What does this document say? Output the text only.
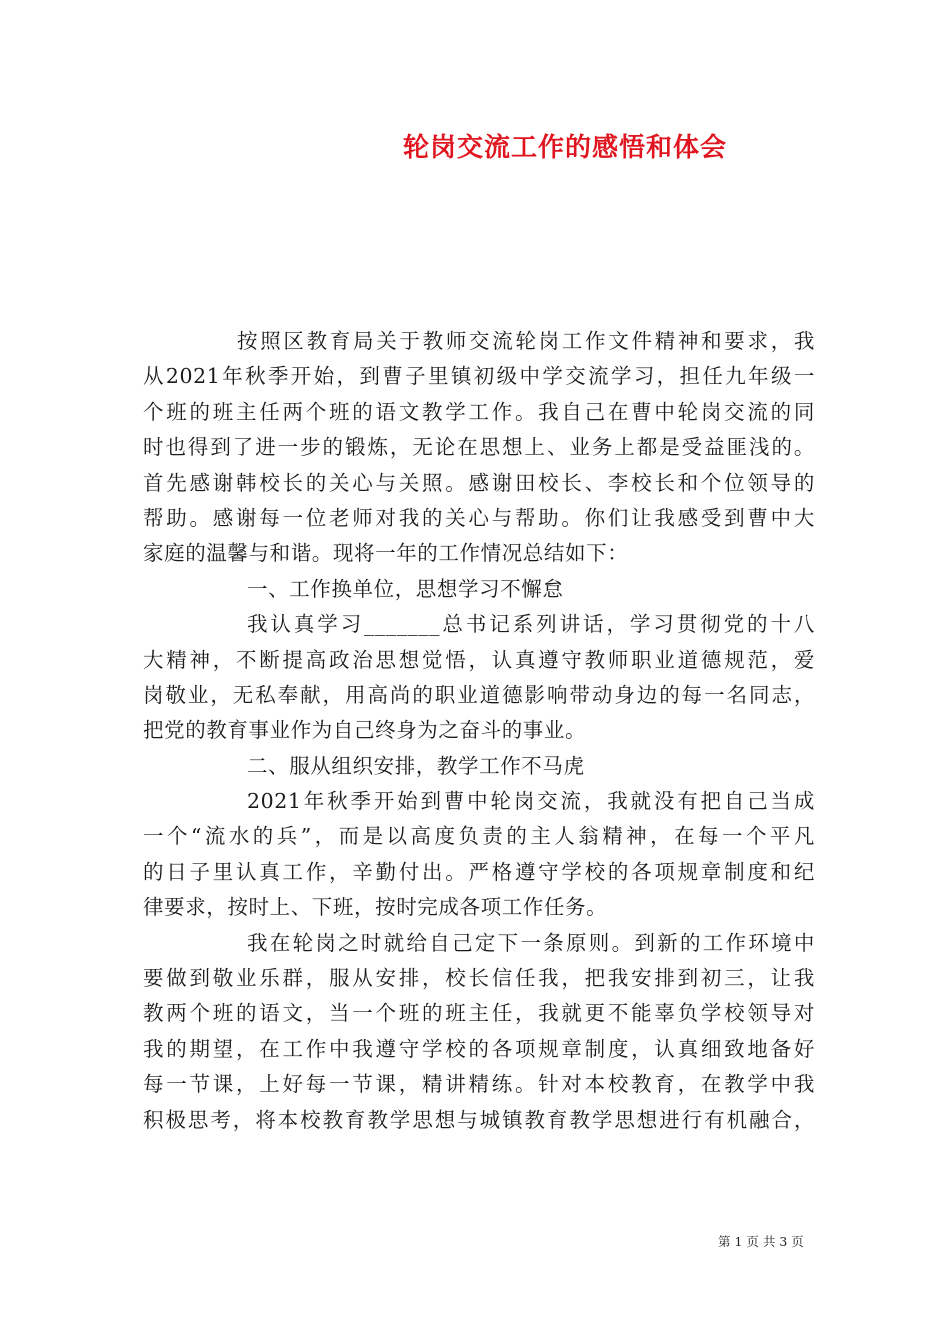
轮岗交流工作的感悟和体会
按照区教育局关于教师交流轮岗工作文件精神和要求，我
从2021年秋季开始，到曹子里镇初级中学交流学习，担任九年级一
个班的班主任两个班的语文教学工作。我自己在曹中轮岗交流的同
时也得到了进一步的锻炼，无论在思想上、业务上都是受益匪浅的。
首先感谢韩校长的关心与关照。感谢田校长、李校长和个位领导的
帮助。感谢每一位老师对我的关心与帮助。你们让我感受到曹中大
家庭的温馨与和谐。现将一年的工作情况总结如下：
一、工作换单位，思想学习不懈怠
我认真学习_______总书记系列讲话，学习贯彻党的十八
大精神，不断提高政治思想觉悟，认真遵守教师职业道德规范，爱
岗敬业，无私奉献，用高尚的职业道德影响带动身边的每一名同志，
把党的教育事业作为自己终身为之奋斗的事业。
二、服从组织安排，教学工作不马虎
2021年秋季开始到曹中轮岗交流，我就没有把自己当成
一个“流水的兵”，而是以高度负责的主人翁精神，在每一个平凡
的日子里认真工作，辛勤付出。严格遵守学校的各项规章制度和纪
律要求，按时上、下班，按时完成各项工作任务。
我在轮岗之时就给自己定下一条原则。到新的工作环境中
要做到敬业乐群，服从安排，校长信任我，把我安排到初三，让我
教两个班的语文，当一个班的班主任，我就更不能辜负学校领导对
我的期望，在工作中我遵守学校的各项规章制度，认真细致地备好
每一节课，上好每一节课，精讲精练。针对本校教育，在教学中我
积极思考，将本校教育教学思想与城镇教育教学思想进行有机融合，
第 1 页 共 3 页
